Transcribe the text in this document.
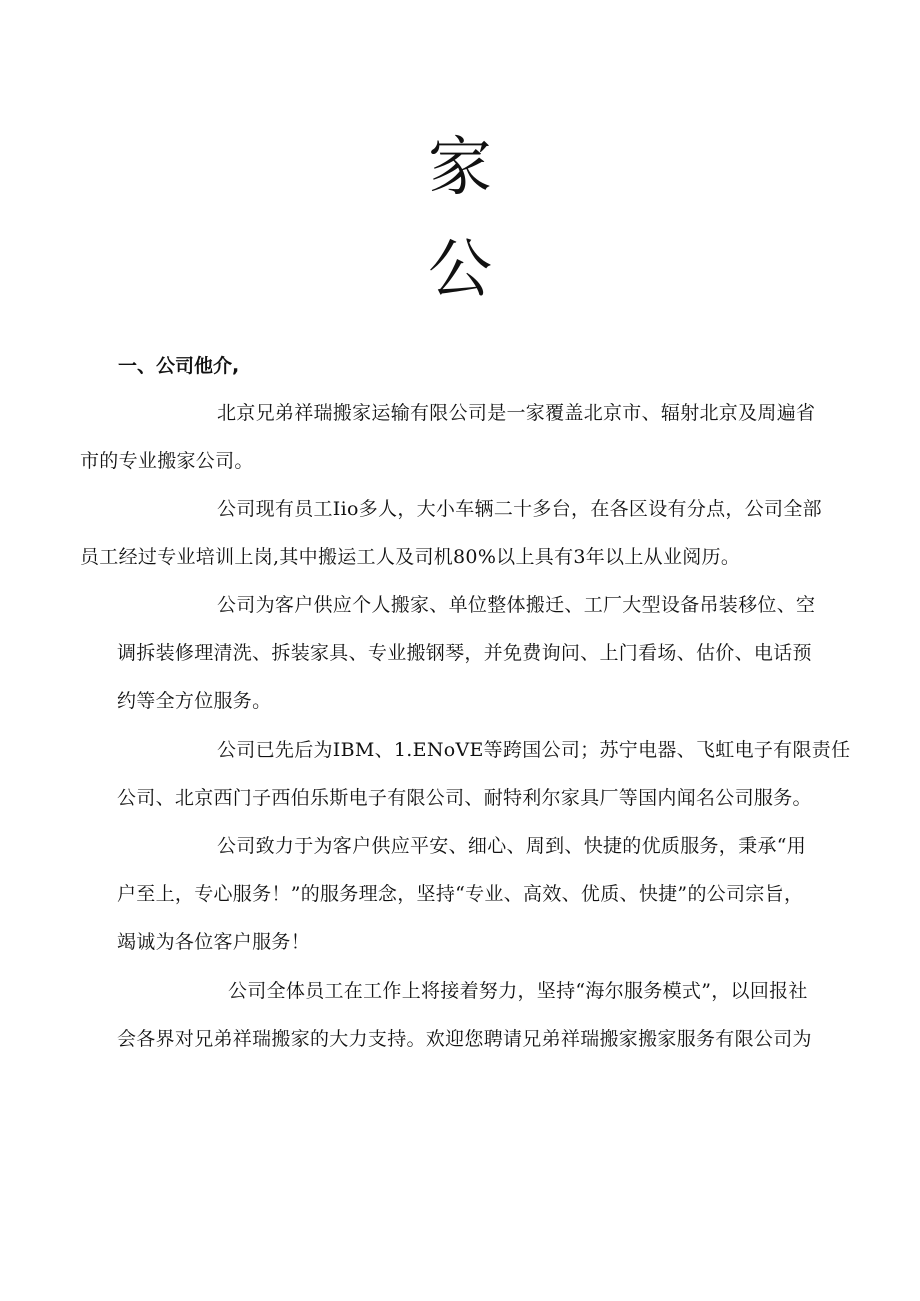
家
公
一、公司他介,
北京兄弟祥瑞搬家运输有限公司是一家覆盖北京市、辐射北京及周遍省
市的专业搬家公司。
公司现有员工Iio多人，大小车辆二十多台，在各区设有分点，公司全部
员工经过专业培训上岗,其中搬运工人及司机80%以上具有3年以上从业阅历。
公司为客户供应个人搬家、单位整体搬迁、工厂大型设备吊装移位、空
调拆装修理清洗、拆装家具、专业搬钢琴，并免费询问、上门看场、估价、电话预
约等全方位服务。
公司已先后为IBM、1.ENoVE等跨国公司；苏宁电器、飞虹电子有限责任
公司、北京西门子西伯乐斯电子有限公司、耐特利尔家具厂等国内闻名公司服务。
公司致力于为客户供应平安、细心、周到、快捷的优质服务，秉承“用
户至上，专心服务！”的服务理念，坚持“专业、高效、优质、快捷”的公司宗旨，
竭诚为各位客户服务！
公司全体员工在工作上将接着努力，坚持“海尔服务模式”，以回报社
会各界对兄弟祥瑞搬家的大力支持。欢迎您聘请兄弟祥瑞搬家搬家服务有限公司为
